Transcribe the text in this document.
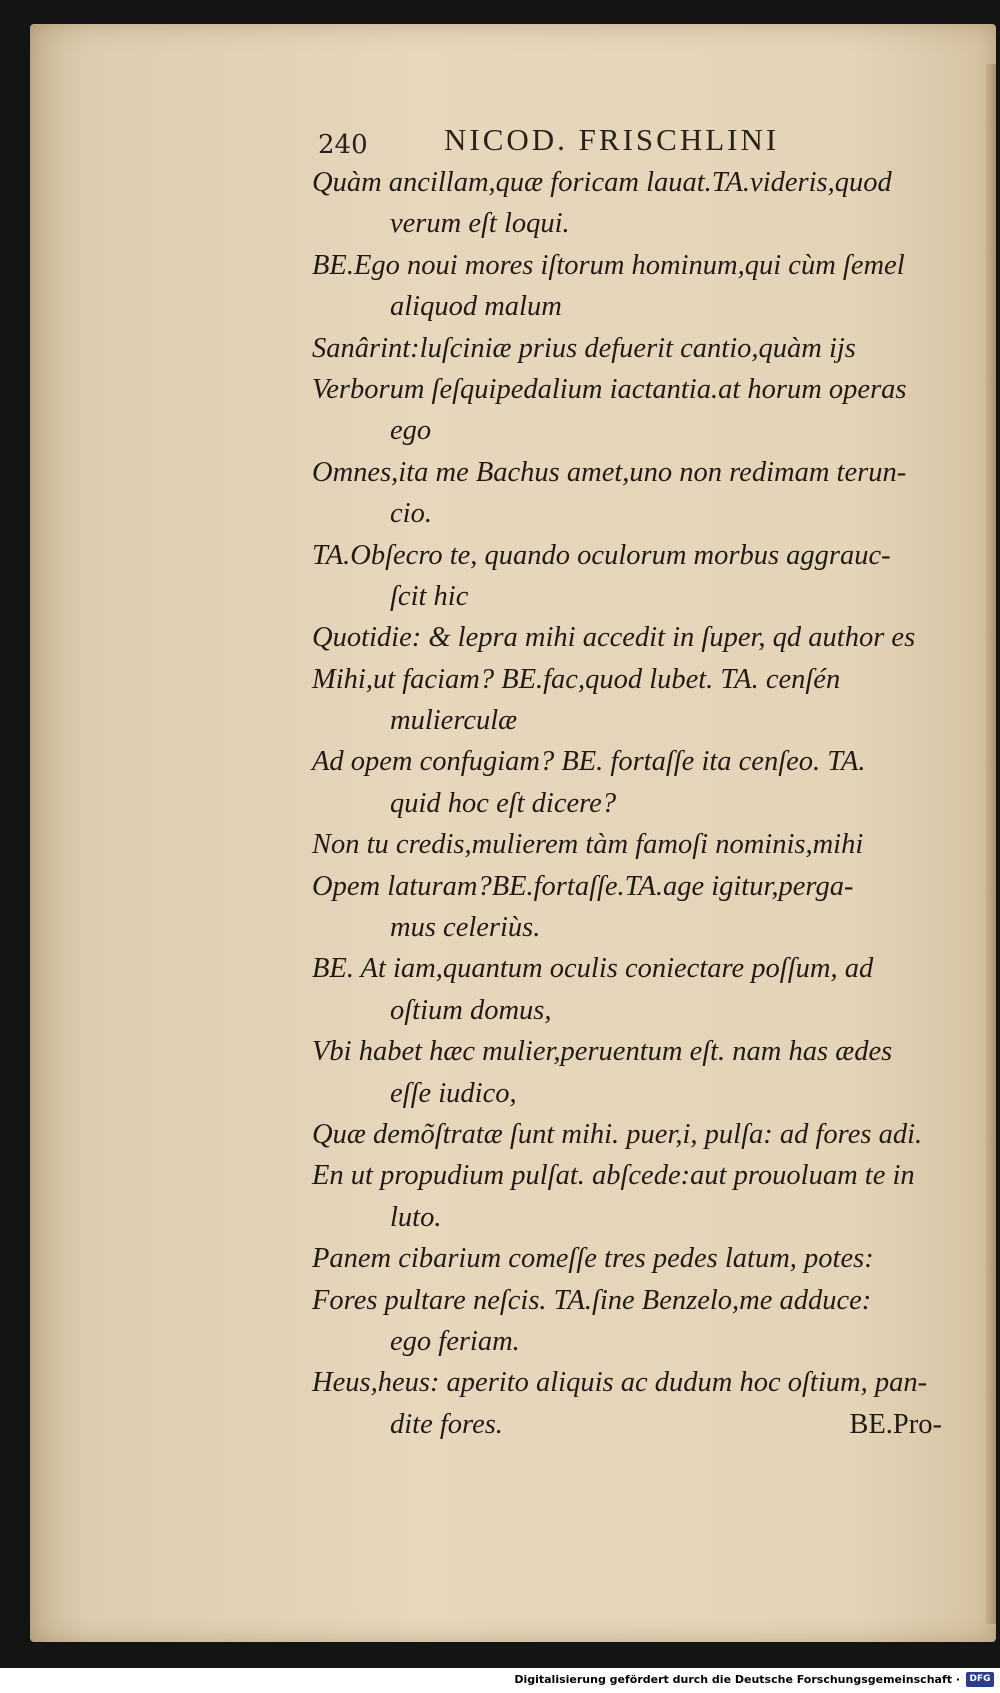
240 NICOD. FRISCHLINI
Quàm ancillam,quæ foricam lauat.TA.videris,quod
verum eſt loqui.
BE.Ego noui mores iſtorum hominum,qui cùm ſemel
aliquod malum
Sanârint:luſciniæ prius defuerit cantio,quàm ijs
Verborum ſeſquipedalium iactantia.at horum operas
ego
Omnes,ita me Bachus amet,uno non redimam terun-
cio.
TA.Obſecro te, quando oculorum morbus aggrauc-
ſcit hic
Quotidie: & lepra mihi accedit in ſuper, qd author es
Mihi,ut faciam? BE.fac,quod lubet. TA. cenſén
mulierculæ
Ad opem confugiam? BE. fortaſſe ita cenſeo. TA.
quid hoc eſt dicere?
Non tu credis,mulierem tàm famoſi nominis,mihi
Opem laturam?BE.fortaſſe.TA.age igitur,perga-
mus celeriùs.
BE. At iam,quantum oculis coniectare poſſum, ad
oſtium domus,
Vbi habet hæc mulier,peruentum eſt. nam has ædes
eſſe iudico,
Quæ demõſtratæ ſunt mihi. puer,i, pulſa: ad fores adi.
En ut propudium pulſat. abſcede:aut prouoluam te in
luto.
Panem cibarium comeſſe tres pedes latum, potes:
Fores pultare neſcis. TA.ſine Benzelo,me adduce:
ego feriam.
Heus,heus: aperito aliquis ac dudum hoc oſtium, pan-
dite fores.	BE.Pro-
Digitalisierung gefördert durch die Deutsche Forschungsgemeinschaft ·	DFG
